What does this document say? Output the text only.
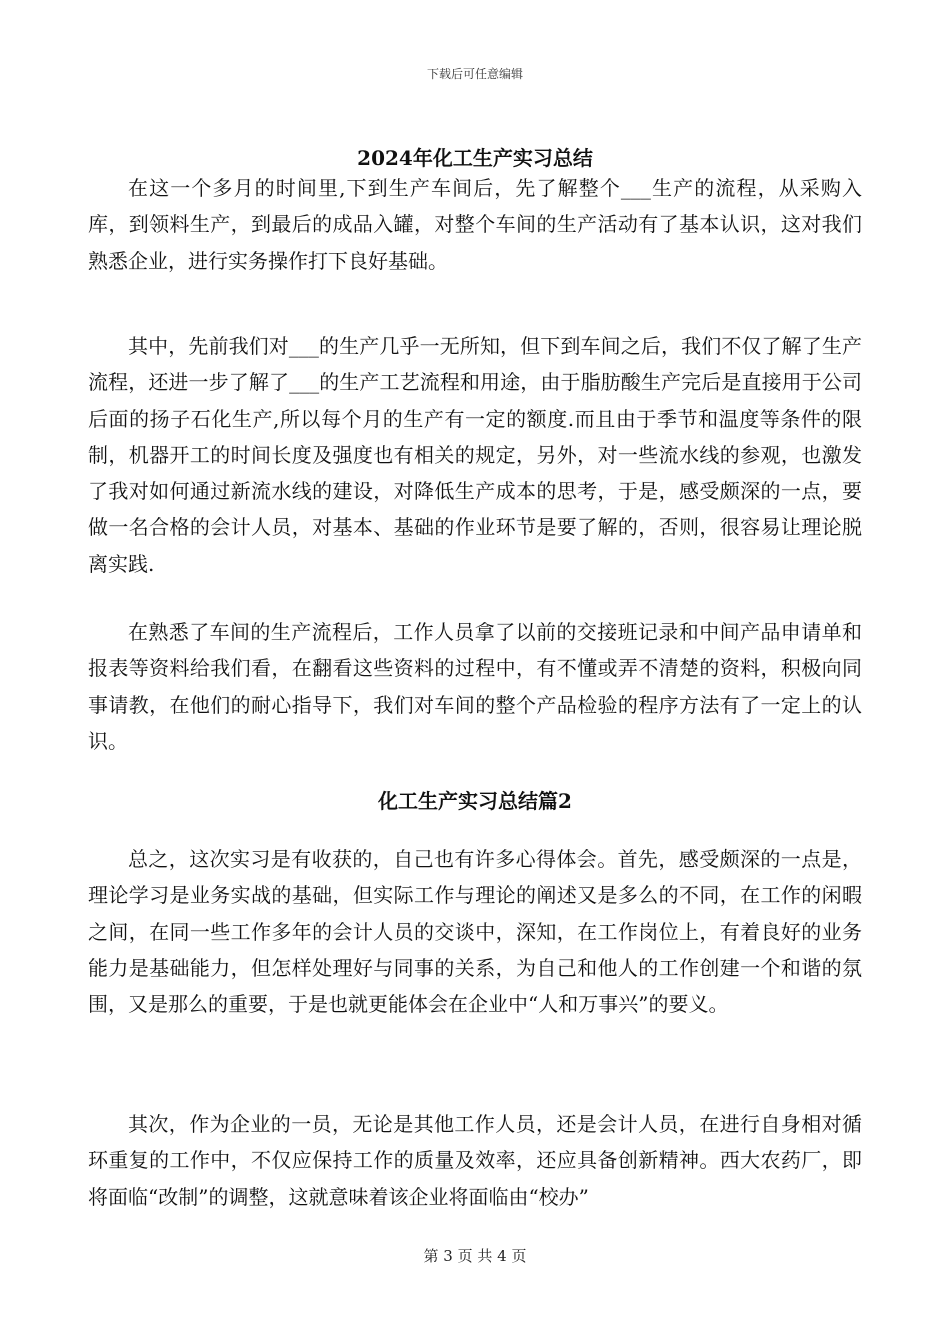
下载后可任意编辑
2024年化工生产实习总结

在这一个多月的时间里,下到生产车间后，先了解整个___生产的流程，从采购入库，到领料生产，到最后的成品入罐，对整个车间的生产活动有了基本认识，这对我们熟悉企业，进行实务操作打下良好基础。

其中，先前我们对___的生产几乎一无所知，但下到车间之后，我们不仅了解了生产流程，还进一步了解了___的生产工艺流程和用途，由于脂肪酸生产完后是直接用于公司后面的扬子石化生产,所以每个月的生产有一定的额度.而且由于季节和温度等条件的限制，机器开工的时间长度及强度也有相关的规定，另外，对一些流水线的参观，也激发了我对如何通过新流水线的建设，对降低生产成本的思考，于是，感受颇深的一点，要做一名合格的会计人员，对基本、基础的作业环节是要了解的，否则，很容易让理论脱离实践.

在熟悉了车间的生产流程后，工作人员拿了以前的交接班记录和中间产品申请单和报表等资料给我们看，在翻看这些资料的过程中，有不懂或弄不清楚的资料，积极向同事请教，在他们的耐心指导下，我们对车间的整个产品检验的程序方法有了一定上的认识。

化工生产实习总结篇2

总之，这次实习是有收获的，自己也有许多心得体会。首先，感受颇深的一点是，理论学习是业务实战的基础，但实际工作与理论的阐述又是多么的不同，在工作的闲暇之间，在同一些工作多年的会计人员的交谈中，深知，在工作岗位上，有着良好的业务能力是基础能力，但怎样处理好与同事的关系，为自己和他人的工作创建一个和谐的氛围，又是那么的重要，于是也就更能体会在企业中“人和万事兴”的要义。

其次，作为企业的一员，无论是其他工作人员，还是会计人员，在进行自身相对循环重复的工作中，不仅应保持工作的质量及效率，还应具备创新精神。西大农药厂，即将面临“改制”的调整，这就意味着该企业将面临由“校办”

第 3 页 共 4 页
